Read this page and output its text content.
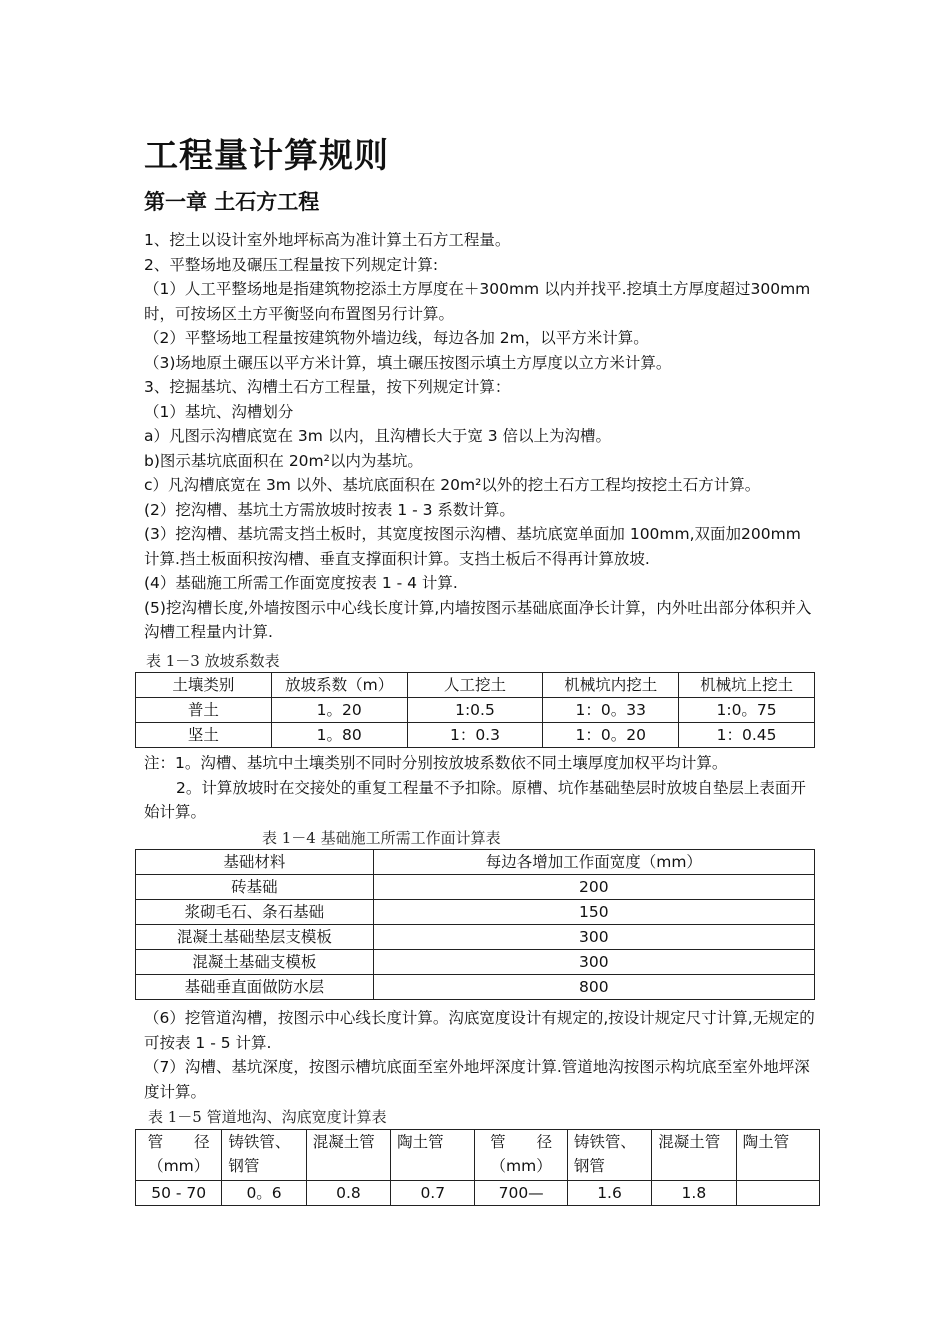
工程量计算规则
第一章 土石方工程

1、挖土以设计室外地坪标高为准计算土石方工程量。

2、平整场地及碾压工程量按下列规定计算:

（1）人工平整场地是指建筑物挖添土方厚度在＋300mm 以内并找平.挖填土方厚度超过300mm 时，可按场区土方平衡竖向布置图另行计算。

（2）平整场地工程量按建筑物外墙边线，每边各加 2m，以平方米计算。

（3)场地原土碾压以平方米计算，填土碾压按图示填土方厚度以立方米计算。

3、挖掘基坑、沟槽土石方工程量，按下列规定计算：

（1）基坑、沟槽划分

a）凡图示沟槽底宽在 3m 以内，且沟槽长大于宽 3 倍以上为沟槽。

b)图示基坑底面积在 20m²以内为基坑。

c）凡沟槽底宽在 3m 以外、基坑底面积在 20m²以外的挖土石方工程均按挖土石方计算。

(2）挖沟槽、基坑土方需放坡时按表 1 - 3 系数计算。

(3）挖沟槽、基坑需支挡土板时，其宽度按图示沟槽、基坑底宽单面加 100mm,双面加200mm 计算.挡土板面积按沟槽、垂直支撑面积计算。支挡土板后不得再计算放坡.

(4）基础施工所需工作面宽度按表 1 - 4 计算.

(5)挖沟槽长度,外墙按图示中心线长度计算,内墙按图示基础底面净长计算，内外吐出部分体积并入沟槽工程量内计算.

表 1－3 放坡系数表
土壤类别	放坡系数（m）	人工挖土	机械坑内挖土	机械坑上挖土
普土	1。20	1:0.5	1：0。33	1:0。75
坚土	1。80	1：0.3	1：0。20	1：0.45

注：1。沟槽、基坑中土壤类别不同时分别按放坡系数依不同土壤厚度加权平均计算。

2。计算放坡时在交接处的重复工程量不予扣除。原槽、坑作基础垫层时放坡自垫层上表面开始计算。

表 1－4 基础施工所需工作面计算表
基础材料	每边各增加工作面宽度（mm）
砖基础	200
浆砌毛石、条石基础	150
混凝土基础垫层支模板	300
混凝土基础支模板	300
基础垂直面做防水层	800

（6）挖管道沟槽，按图示中心线长度计算。沟底宽度设计有规定的,按设计规定尺寸计算,无规定的可按表 1 - 5 计算.

（7）沟槽、基坑深度，按图示槽坑底面至室外地坪深度计算.管道地沟按图示构坑底至室外地坪深度计算。

表 1－5 管道地沟、沟底宽度计算表
管　　径（mm）	铸铁管、钢管	混凝土管	陶土管	管　　径（mm）	铸铁管、钢管	混凝土管	陶土管
50 - 70	0。6	0.8	0.7	700—	1.6	1.8	
